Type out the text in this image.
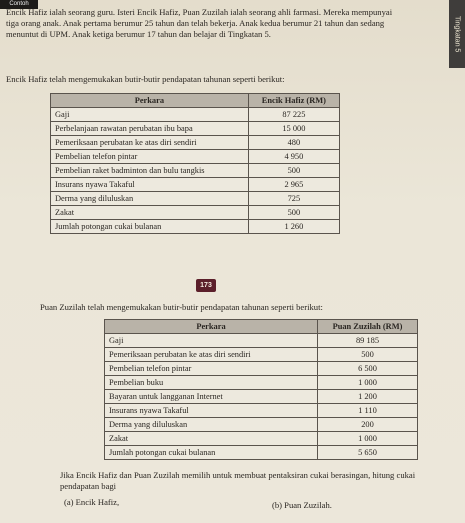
Contoh
Tingkatan 5

Encik Hafiz ialah seorang guru. Isteri Encik Hafiz, Puan Zuzilah ialah seorang ahli farmasi. Mereka mempunyai tiga orang anak. Anak pertama berumur 25 tahun dan telah bekerja. Anak kedua berumur 21 tahun dan sedang menuntut di UPM. Anak ketiga berumur 17 tahun dan belajar di Tingkatan 5.

Encik Hafiz telah mengemukakan butir-butir pendapatan tahunan seperti berikut:

Perkara	Encik Hafiz (RM)
Gaji	87 225
Perbelanjaan rawatan perubatan ibu bapa	15 000
Pemeriksaan perubatan ke atas diri sendiri	480
Pembelian telefon pintar	4 950
Pembelian raket badminton dan bulu tangkis	500
Insurans nyawa Takaful	2 965
Derma yang diluluskan	725
Zakat	500
Jumlah potongan cukai bulanan	1 260
173

Puan Zuzilah telah mengemukakan butir-butir pendapatan tahunan seperti berikut:

Perkara	Puan Zuzilah (RM)
Gaji	89 185
Pemeriksaan perubatan ke atas diri sendiri	500
Pembelian telefon pintar	6 500
Pembelian buku	1 000
Bayaran untuk langganan Internet	1 200
Insurans nyawa Takaful	1 110
Derma yang diluluskan	200
Zakat	1 000
Jumlah potongan cukai bulanan	5 650

Jika Encik Hafiz dan Puan Zuzilah memilih untuk membuat pentaksiran cukai berasingan, hitung cukai pendapatan bagi

(a) Encik Hafiz,	(b) Puan Zuzilah.
